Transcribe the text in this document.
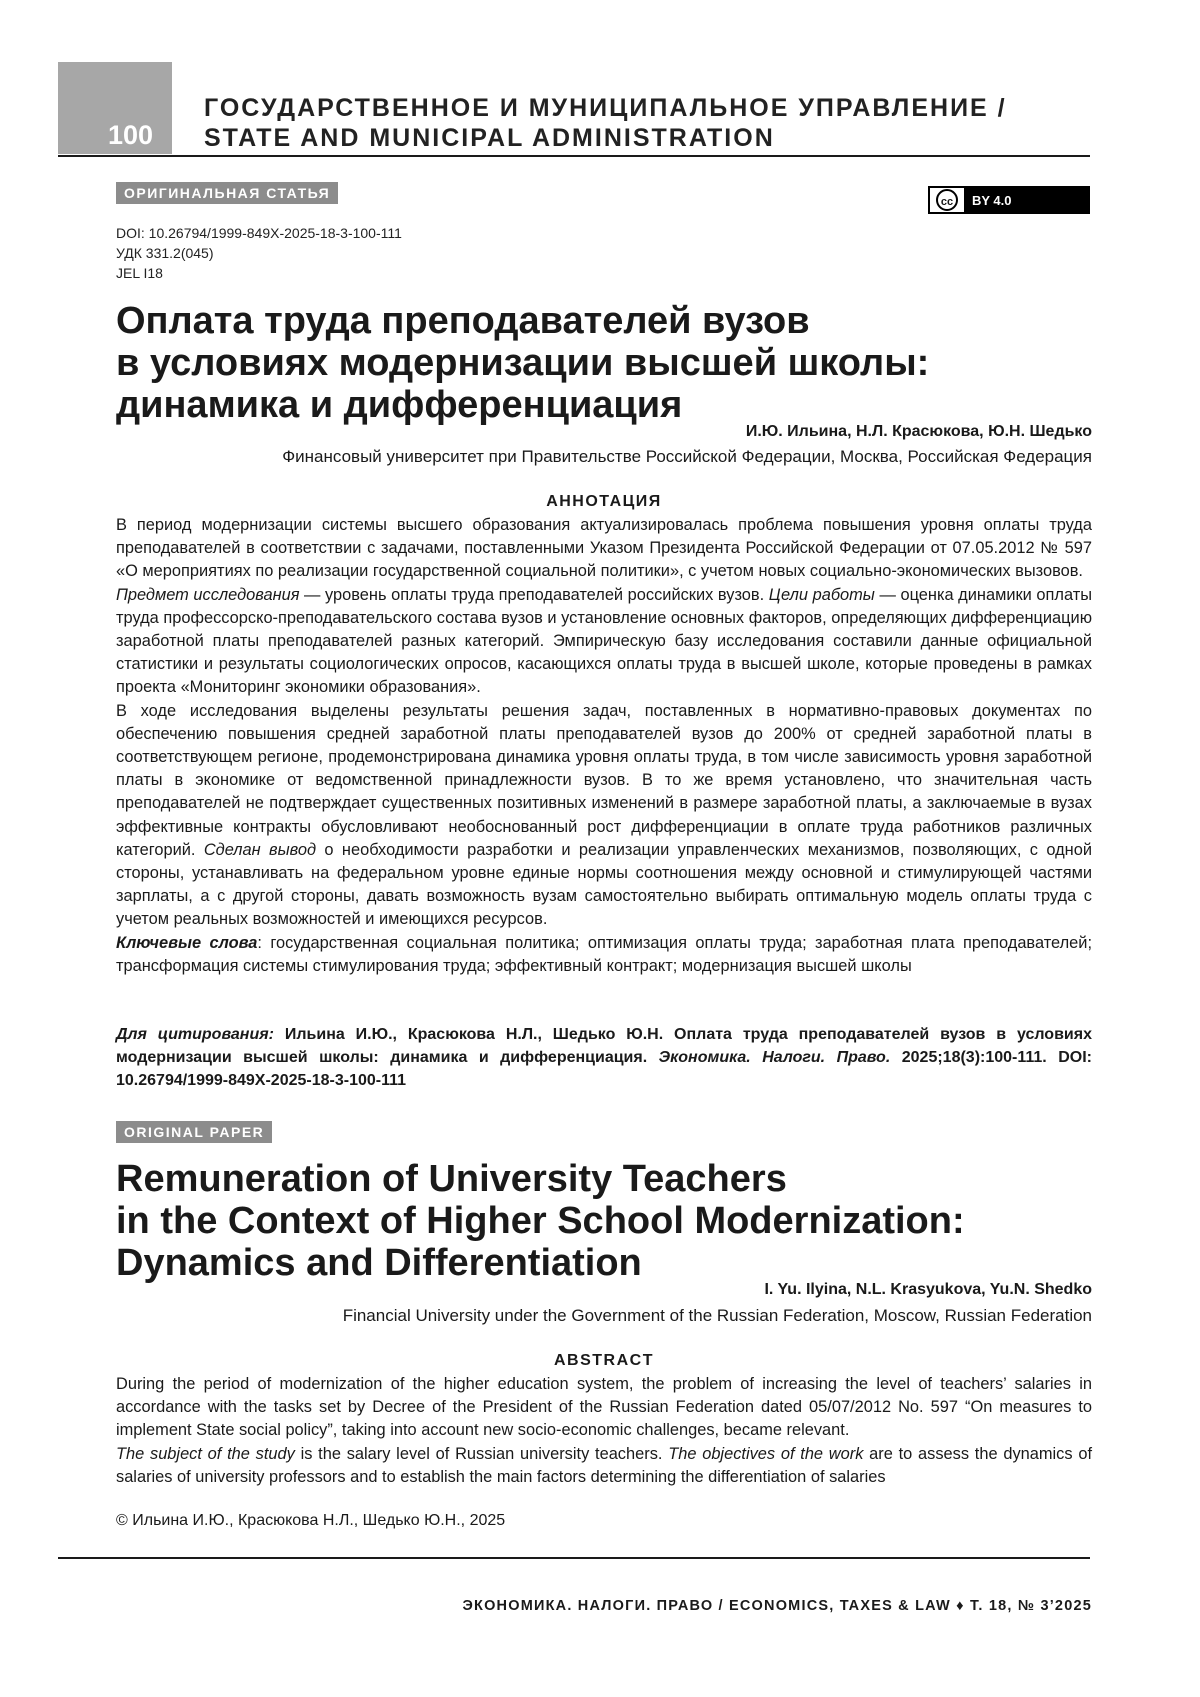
100
ГОСУДАРСТВЕННОЕ И МУНИЦИПАЛЬНОЕ УПРАВЛЕНИЕ /
STATE AND MUNICIPAL ADMINISTRATION
ОРИГИНАЛЬНАЯ СТАТЬЯ
cc	BY 4.0
DOI: 10.26794/1999-849X-2025-18-3-100-111
УДК 331.2(045)
JEL I18
Оплата труда преподавателей вузов
в условиях модернизации высшей школы:
динамика и дифференциация
И.Ю. Ильина, Н.Л. Красюкова, Ю.Н. Шедько
Финансовый университет при Правительстве Российской Федерации, Москва, Российская Федерация
АННОТАЦИЯ

В период модернизации системы высшего образования актуализировалась проблема повышения уровня оплаты труда преподавателей в соответствии с задачами, поставленными Указом Президента Российской Федерации от 07.05.2012 № 597 «О мероприятиях по реализации государственной социальной политики», с учетом новых социально-экономических вызовов.

Предмет исследования — уровень оплаты труда преподавателей российских вузов. Цели работы — оценка динамики оплаты труда профессорско-преподавательского состава вузов и установление основных факторов, определяющих дифференциацию заработной платы преподавателей разных категорий. Эмпирическую базу исследования составили данные официальной статистики и результаты социологических опросов, касающихся оплаты труда в высшей школе, которые проведены в рамках проекта «Мониторинг экономики образования».

В ходе исследования выделены результаты решения задач, поставленных в нормативно-правовых документах по обеспечению повышения средней заработной платы преподавателей вузов до 200% от средней заработной платы в соответствующем регионе, продемонстрирована динамика уровня оплаты труда, в том числе зависимость уровня заработной платы в экономике от ведомственной принадлежности вузов. В то же время установлено, что значительная часть преподавателей не подтверждает существенных позитивных изменений в размере заработной платы, а заключаемые в вузах эффективные контракты обусловливают необоснованный рост дифференциации в оплате труда работников различных категорий. Сделан вывод о необходимости разработки и реализации управленческих механизмов, позволяющих, с одной стороны, устанавливать на федеральном уровне единые нормы соотношения между основной и стимулирующей частями зарплаты, а с другой стороны, давать возможность вузам самостоятельно выбирать оптимальную модель оплаты труда с учетом реальных возможностей и имеющихся ресурсов.

Ключевые слова: государственная социальная политика; оптимизация оплаты труда; заработная плата преподавателей; трансформация системы стимулирования труда; эффективный контракт; модернизация высшей школы

Для цитирования: Ильина И.Ю., Красюкова Н.Л., Шедько Ю.Н. Оплата труда преподавателей вузов в условиях модернизации высшей школы: динамика и дифференциация. Экономика. Налоги. Право. 2025;18(3):100-111. DOI: 10.26794/1999-849X-2025-18-3-100-111
ORIGINAL PAPER
Remuneration of University Teachers
in the Context of Higher School Modernization:
Dynamics and Differentiation
I. Yu. Ilyina, N.L. Krasyukova, Yu.N. Shedko
Financial University under the Government of the Russian Federation, Moscow, Russian Federation
ABSTRACT

During the period of modernization of the higher education system, the problem of increasing the level of teachers’ salaries in accordance with the tasks set by Decree of the President of the Russian Federation dated 05/07/2012 No. 597 “On measures to implement State social policy”, taking into account new socio-economic challenges, became relevant.

The subject of the study is the salary level of Russian university teachers. The objectives of the work are to assess the dynamics of salaries of university professors and to establish the main factors determining the differentiation of salaries

© Ильина И.Ю., Красюкова Н.Л., Шедько Ю.Н., 2025
ЭКОНОМИКА. НАЛОГИ. ПРАВО / ECONOMICS, TAXES & LAW ♦ Т. 18, № 3’2025
